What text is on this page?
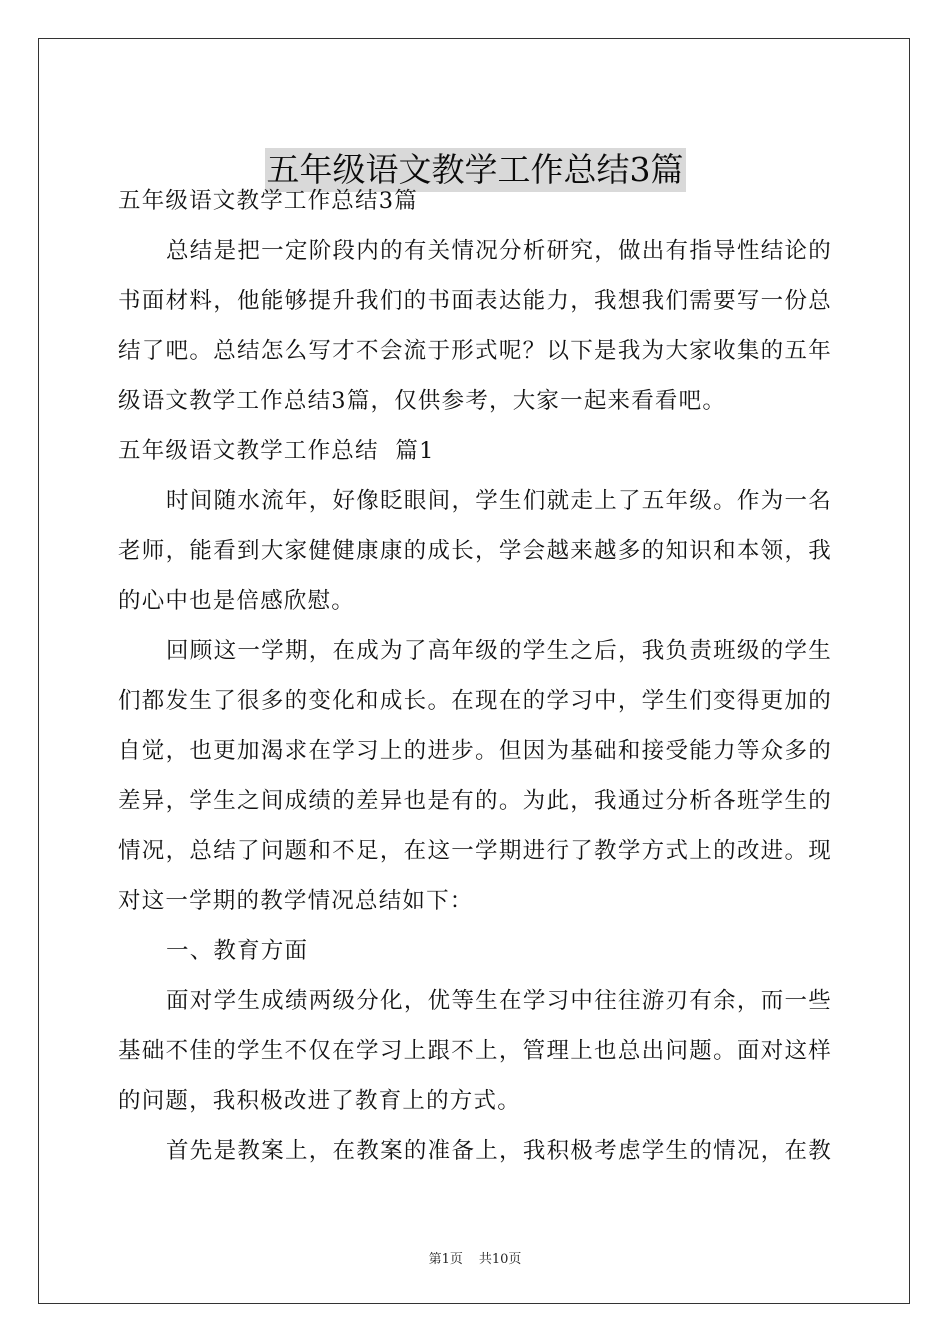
五年级语文教学工作总结3篇

五年级语文教学工作总结3篇

总结是把一定阶段内的有关情况分析研究，做出有指导性结论的

书面材料，他能够提升我们的书面表达能力，我想我们需要写一份总

结了吧。总结怎么写才不会流于形式呢？以下是我为大家收集的五年

级语文教学工作总结3篇，仅供参考，大家一起来看看吧。

五年级语文教学工作总结  篇1

时间随水流年，好像眨眼间，学生们就走上了五年级。作为一名

老师，能看到大家健健康康的成长，学会越来越多的知识和本领，我

的心中也是倍感欣慰。

回顾这一学期，在成为了高年级的学生之后，我负责班级的学生

们都发生了很多的变化和成长。在现在的学习中，学生们变得更加的

自觉，也更加渴求在学习上的进步。但因为基础和接受能力等众多的

差异，学生之间成绩的差异也是有的。为此，我通过分析各班学生的

情况，总结了问题和不足，在这一学期进行了教学方式上的改进。现

对这一学期的教学情况总结如下：

一、教育方面

面对学生成绩两级分化，优等生在学习中往往游刃有余，而一些

基础不佳的学生不仅在学习上跟不上，管理上也总出问题。面对这样

的问题，我积极改进了教育上的方式。

首先是教案上，在教案的准备上，我积极考虑学生的情况，在教

第1页 共10页
